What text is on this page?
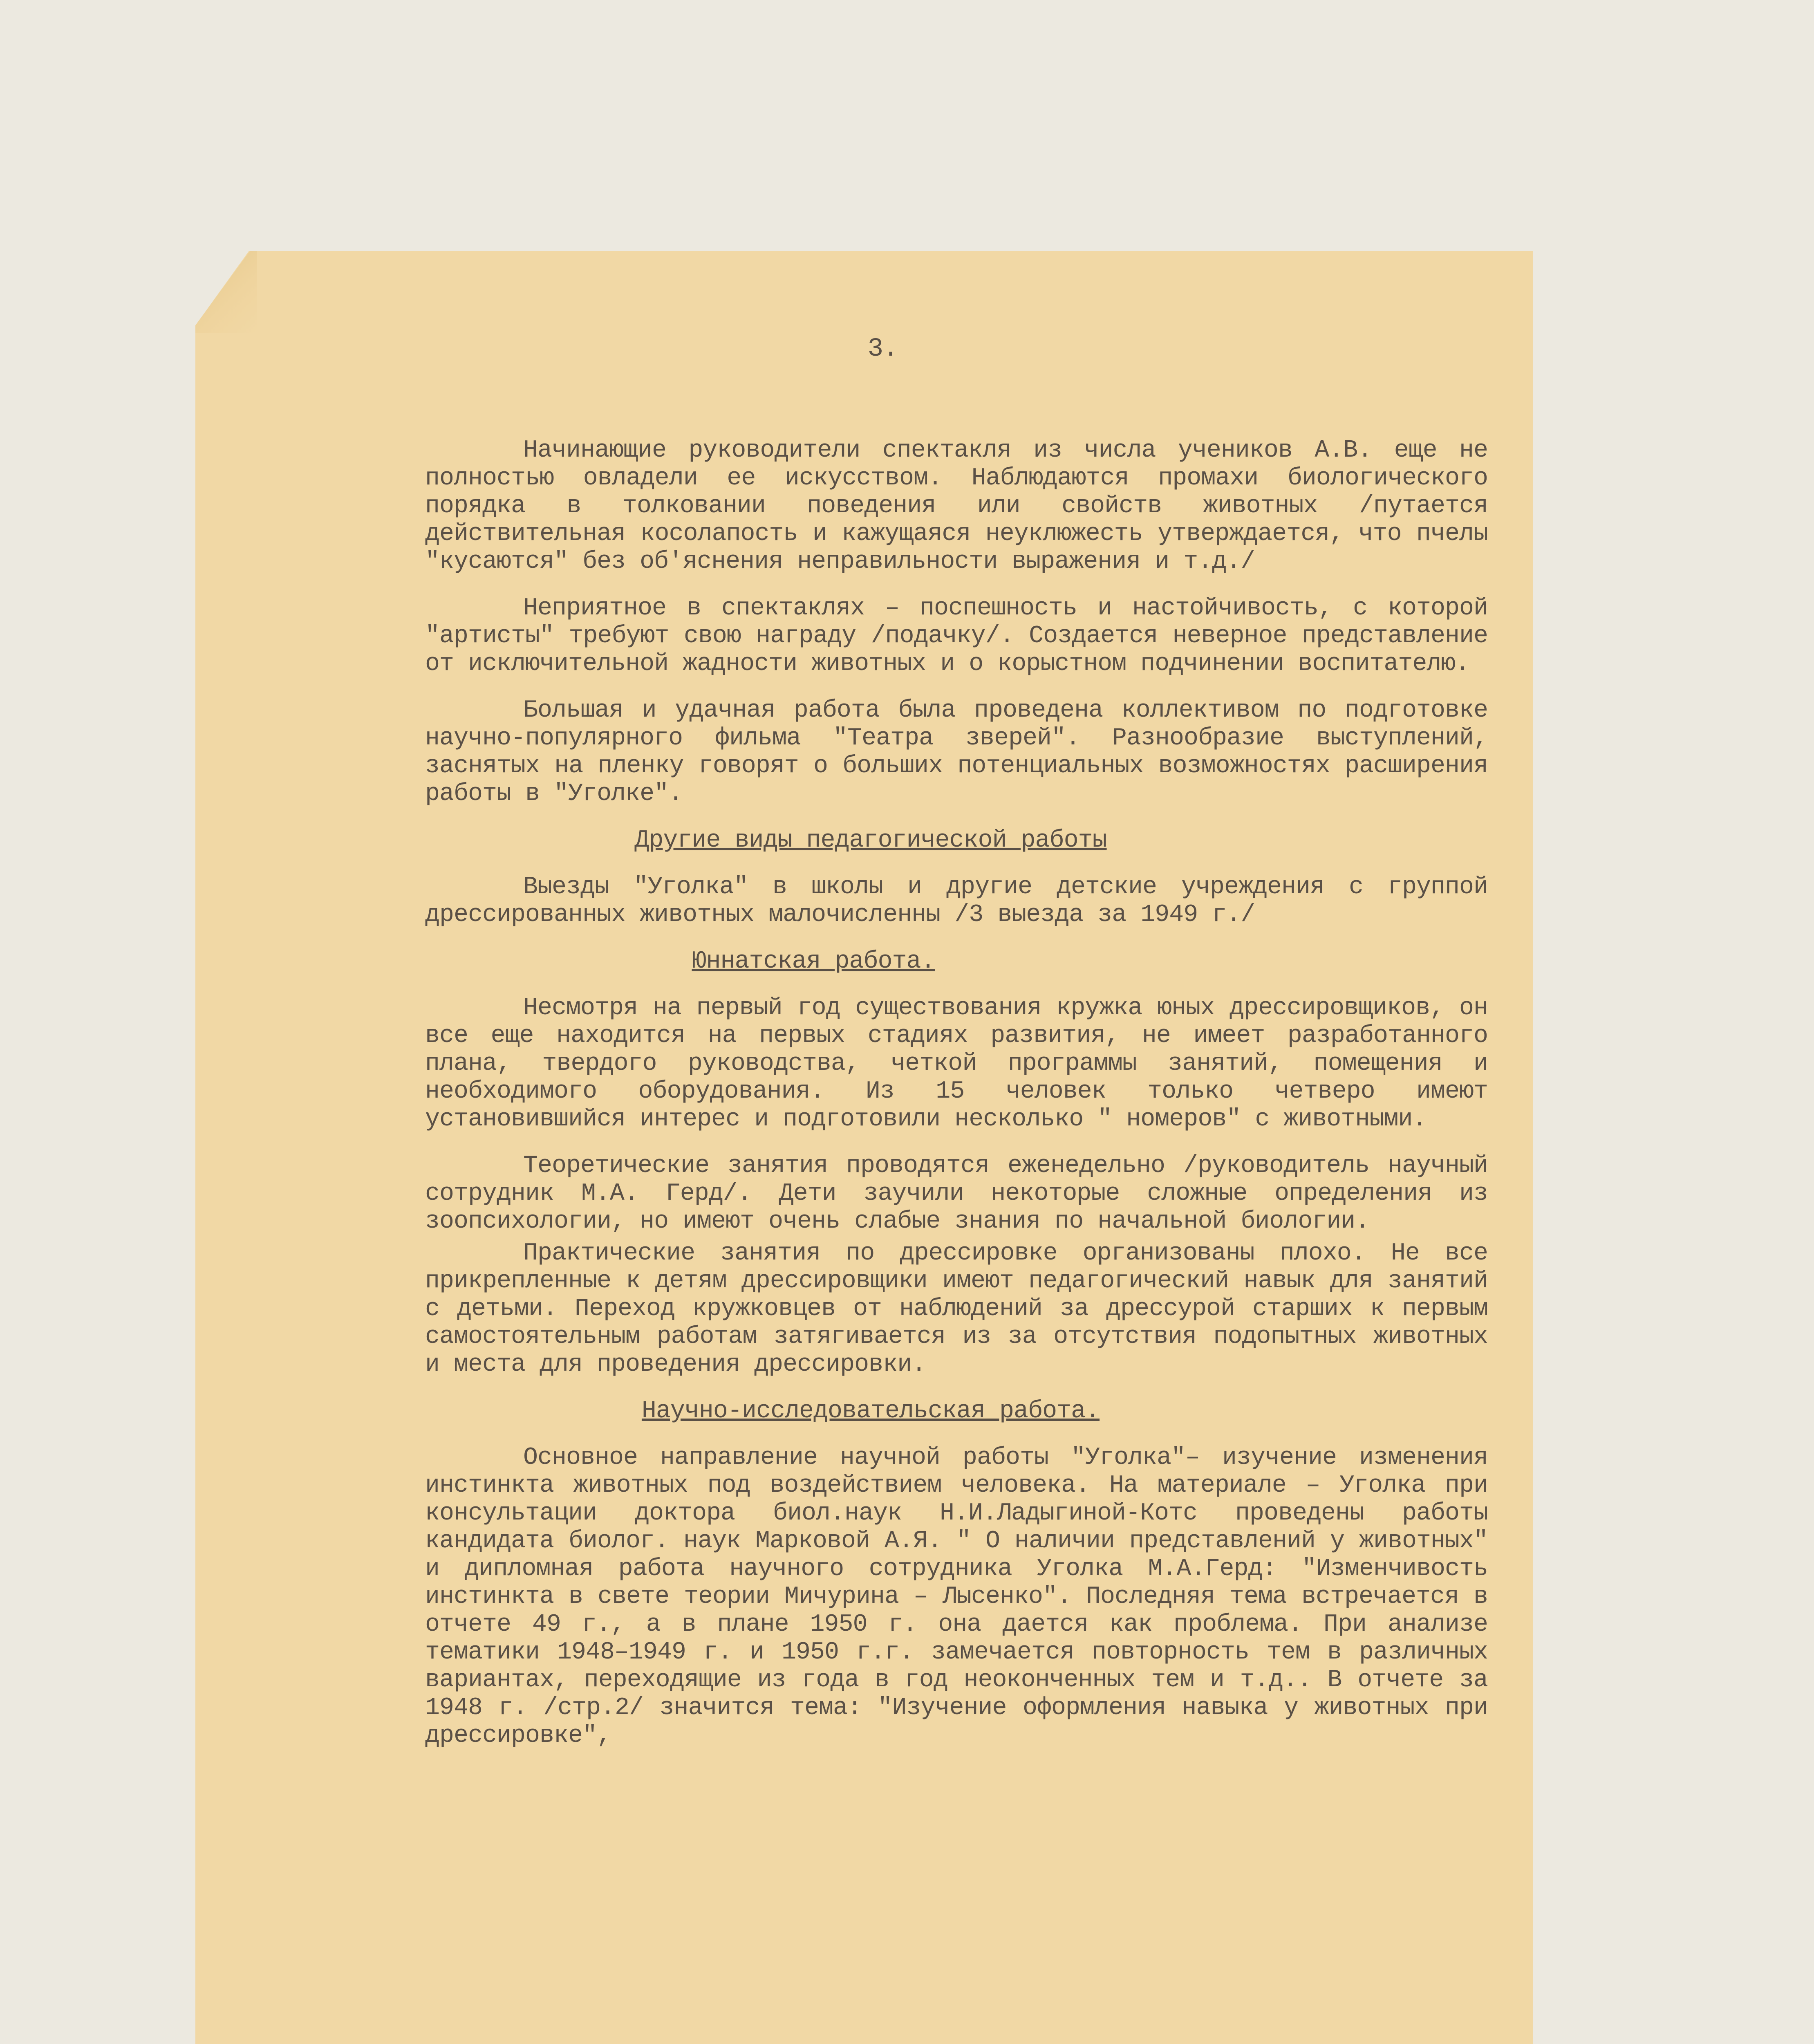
3.

Начинающие руководители спектакля из числа учеников А.В. еще не полностью овладели ее искусством. Наблюдаются промахи биологического порядка в толковании поведения или свойств животных /путается действительная косолапость и кажущаяся неуклюжесть утверждается, что пчелы "кусаются" без об'яснения неправильности выражения и т.д./

Неприятное в спектаклях – поспешность и настойчивость, с которой "артисты" требуют свою награду /подачку/. Создается неверное представление от исключительной жадности животных и о корыстном подчинении воспитателю.

Большая и удачная работа была проведена коллективом по подготовке научно-популярного фильма "Театра зверей". Разнообразие выступлений, заснятых на пленку говорят о больших потенциальных возможностях расширения работы в "Уголке".

Другие виды педагогической работы

Выезды "Уголка" в школы и другие детские учреждения с группой дрессированных животных малочисленны /3 выезда за 1949 г./

Юннатская работа.

Несмотря на первый год существования кружка юных дрессировщиков, он все еще находится на первых стадиях развития, не имеет разработанного плана, твердого руководства, четкой программы занятий, помещения и необходимого оборудования. Из 15 человек только четверо имеют установившийся интерес и подготовили несколько " номеров" с животными.

Теоретические занятия проводятся еженедельно /руководитель научный сотрудник М.А. Герд/. Дети заучили некоторые сложные определения из зоопсихологии, но имеют очень слабые знания по начальной биологии.

Практические занятия по дрессировке организованы плохо. Не все прикрепленные к детям дрессировщики имеют педагогический навык для занятий с детьми. Переход кружковцев от наблюдений за дрессурой старших к первым самостоятельным работам затягивается из за отсутствия подопытных животных и места для проведения дрессировки.

Научно-исследовательская работа.

Основное направление научной работы "Уголка"– изучение изменения инстинкта животных под воздействием человека. На материале – Уголка при консультации доктора биол.наук Н.И.Ладыгиной-Котс проведены работы кандидата биолог. наук Марковой А.Я. " О наличии представлений у животных" и дипломная работа научного сотрудника Уголка М.А.Герд: "Изменчивость инстинкта в свете теории Мичурина – Лысенко". Последняя тема встречается в отчете 49 г., а в плане 1950 г. она дается как проблема. При анализе тематики 1948–1949 г. и 1950 г.г. замечается повторность тем в различных вариантах, переходящие из года в год неоконченных тем и т.д.. В отчете за 1948 г. /стр.2/ значится тема: "Изучение оформления навыка у животных при дрессировке",
